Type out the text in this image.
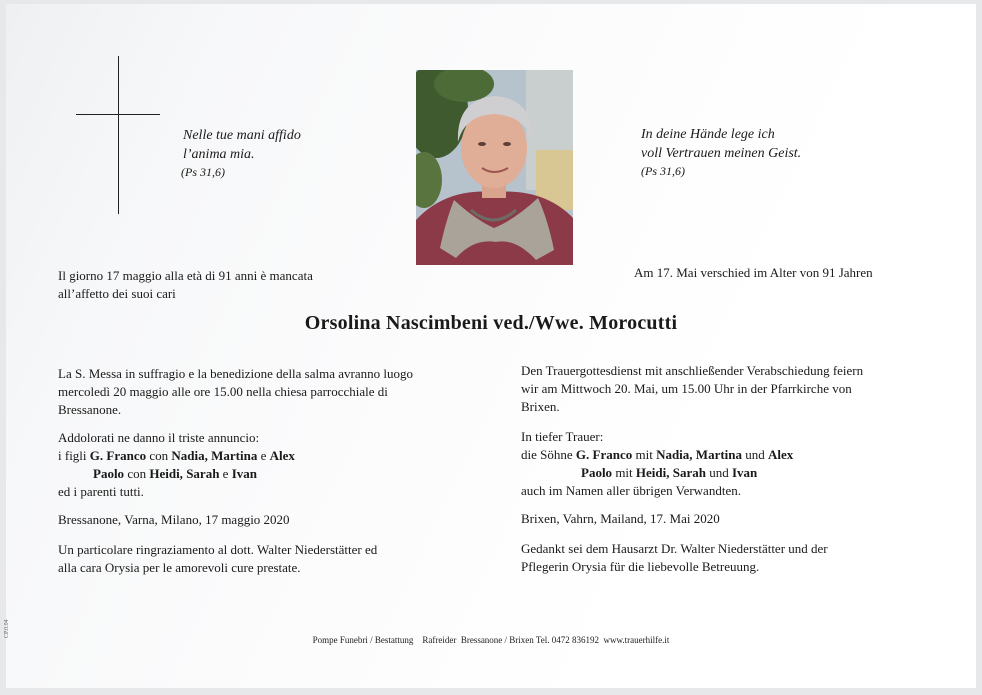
Nelle tue mani affido
l’anima mia.
(Ps 31,6)
In deine Hände lege ich
voll Vertrauen meinen Geist.
(Ps 31,6)
Il giorno 17 maggio alla età di 91 anni è mancata
all’affetto dei suoi cari
Am 17. Mai verschied im Alter von 91 Jahren
Orsolina Nascimbeni ved./Wwe. Morocutti
La S. Messa in suffragio e la benedizione della salma avranno luogo
mercoledì 20 maggio alle ore 15.00 nella chiesa parrocchiale di
Bressanone.
Addolorati ne danno il triste annuncio:
i figli G. Franco con Nadia, Martina e Alex
Paolo con Heidi, Sarah e Ivan
ed i parenti tutti.
Bressanone, Varna, Milano, 17 maggio 2020
Un particolare ringraziamento al dott. Walter Niederstätter ed
alla cara Orysia per le amorevoli cure prestate.
Den Trauergottesdienst mit anschließender Verabschiedung feiern
wir am Mittwoch 20. Mai, um 15.00 Uhr in der Pfarrkirche von
Brixen.
In tiefer Trauer:
die Söhne G. Franco mit Nadia, Martina und Alex
Paolo mit Heidi, Sarah und Ivan
auch im Namen aller übrigen Verwandten.
Brixen, Vahrn, Mailand, 17. Mai 2020
Gedankt sei dem Hausarzt Dr. Walter Niederstätter und der
Pflegerin Orysia für die liebevolle Betreuung.
Pompe Funebri / Bestattung    Rafreider  Bressanone / Brixen Tel. 0472 836192  www.trauerhilfe.it
CP.0.04
